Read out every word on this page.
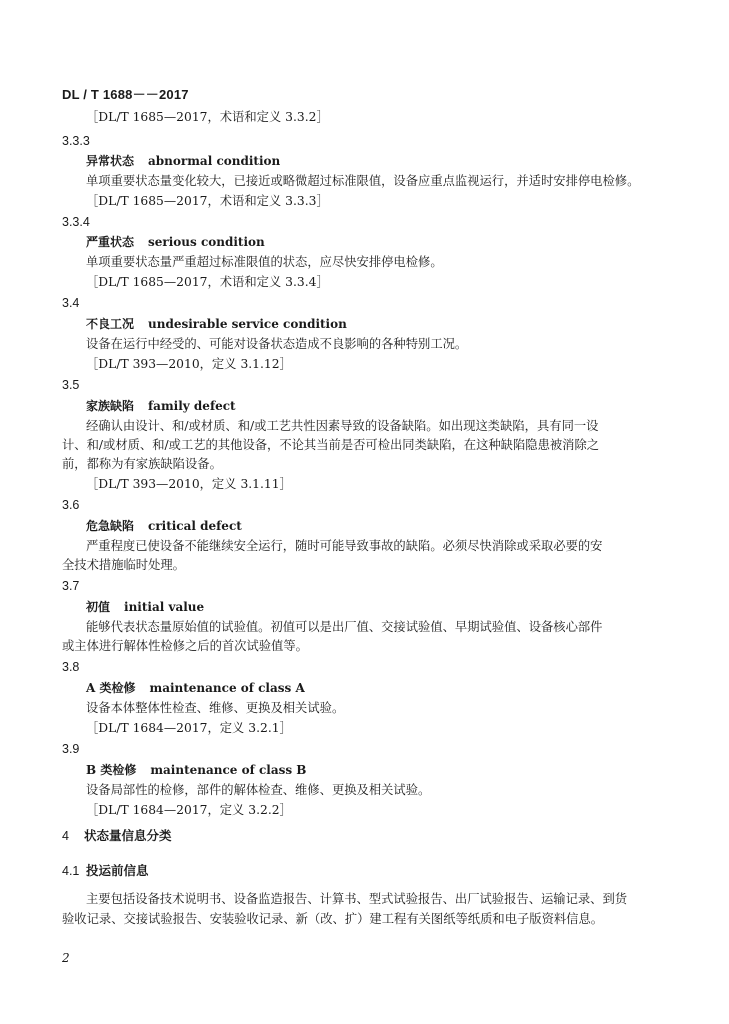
DL / T 1688－－2017
［DL/T 1685—2017，术语和定义 3.3.2］
3.3.3
异常状态 abnormal condition
单项重要状态量变化较大，已接近或略微超过标准限值，设备应重点监视运行，并适时安排停电检修。
［DL/T 1685—2017，术语和定义 3.3.3］
3.3.4
严重状态 serious condition
单项重要状态量严重超过标准限值的状态，应尽快安排停电检修。
［DL/T 1685—2017，术语和定义 3.3.4］
3.4
不良工况 undesirable service condition
设备在运行中经受的、可能对设备状态造成不良影响的各种特别工况。
［DL/T 393—2010，定义 3.1.12］
3.5
家族缺陷 family defect
经确认由设计、和/或材质、和/或工艺共性因素导致的设备缺陷。如出现这类缺陷，具有同一设
计、和/或材质、和/或工艺的其他设备，不论其当前是否可检出同类缺陷，在这种缺陷隐患被消除之
前，都称为有家族缺陷设备。
［DL/T 393—2010，定义 3.1.11］
3.6
危急缺陷 critical defect
严重程度已使设备不能继续安全运行，随时可能导致事故的缺陷。必须尽快消除或采取必要的安
全技术措施临时处理。
3.7
初值 initial value
能够代表状态量原始值的试验值。初值可以是出厂值、交接试验值、早期试验值、设备核心部件
或主体进行解体性检修之后的首次试验值等。
3.8
A 类检修 maintenance of class A
设备本体整体性检查、维修、更换及相关试验。
［DL/T 1684—2017，定义 3.2.1］
3.9
B 类检修 maintenance of class B
设备局部性的检修，部件的解体检查、维修、更换及相关试验。
［DL/T 1684—2017，定义 3.2.2］
4 状态量信息分类
4.1 投运前信息
主要包括设备技术说明书、设备监造报告、计算书、型式试验报告、出厂试验报告、运输记录、到货
验收记录、交接试验报告、安装验收记录、新（改、扩）建工程有关图纸等纸质和电子版资料信息。
2
